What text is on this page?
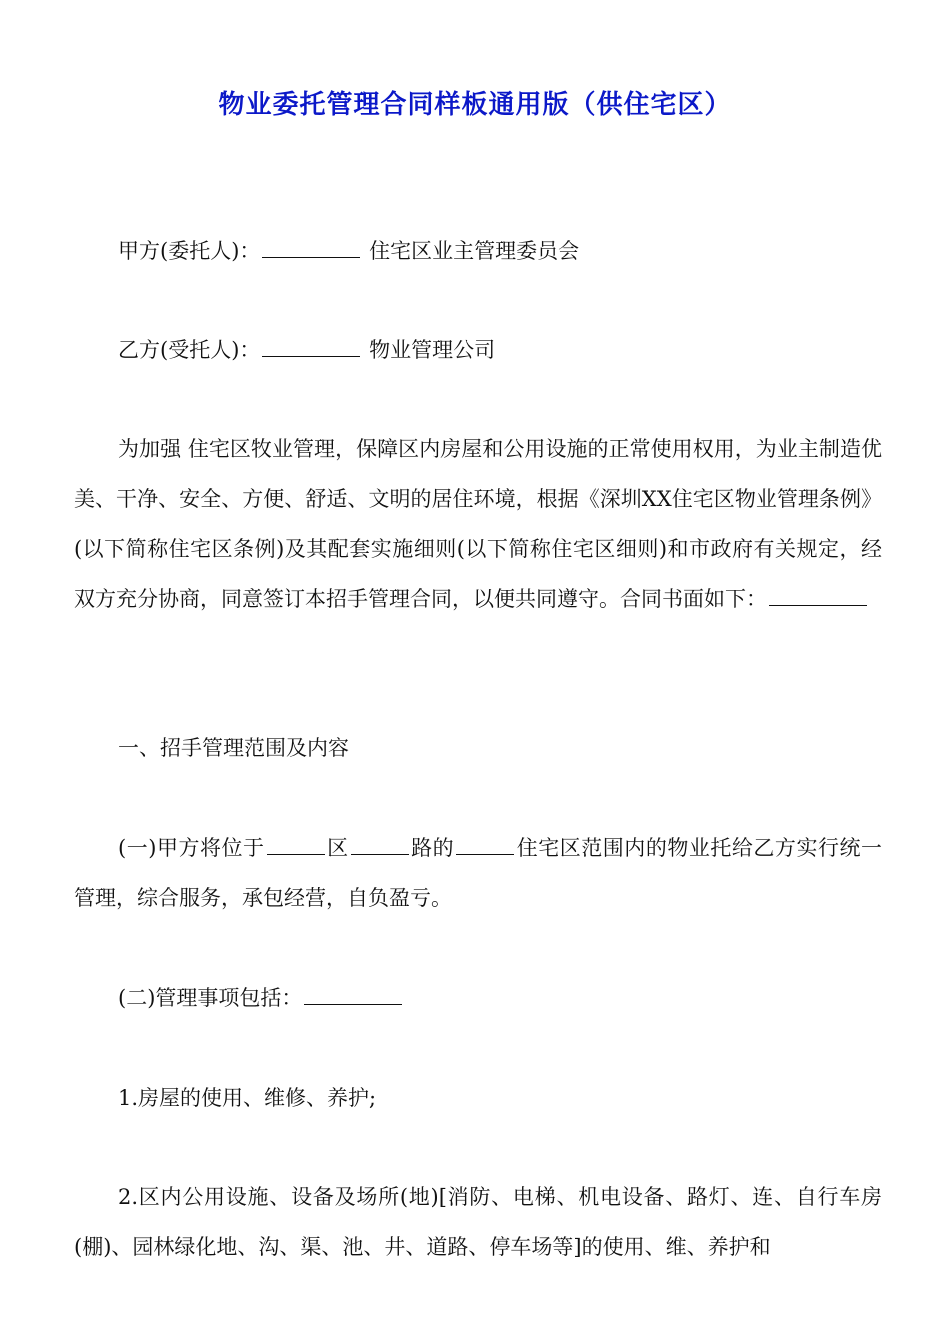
物业委托管理合同样板通用版（供住宅区）

甲方(委托人)：	住宅区业主管理委员会

乙方(受托人)：	物业管理公司

为加强 住宅区牧业管理，保障区内房屋和公用设施的正常使用权用，为业主制造优美、干净、安全、方便、舒适、文明的居住环境，根据《深圳XX住宅区物业管理条例》(以下简称住宅区条例)及其配套实施细则(以下简称住宅区细则)和市政府有关规定，经双方充分协商，同意签订本招手管理合同，以便共同遵守。合同书面如下：

一、招手管理范围及内容

(一)甲方将位于	区	路的	住宅区范围内的物业托给乙方实行统一管理，综合服务，承包经营，自负盈亏。

(二)管理事项包括：

1.房屋的使用、维修、养护;

2.区内公用设施、设备及场所(地)[消防、电梯、机电设备、路灯、连、自行车房(棚)、园林绿化地、沟、渠、池、井、道路、停车场等]的使用、维、养护和
